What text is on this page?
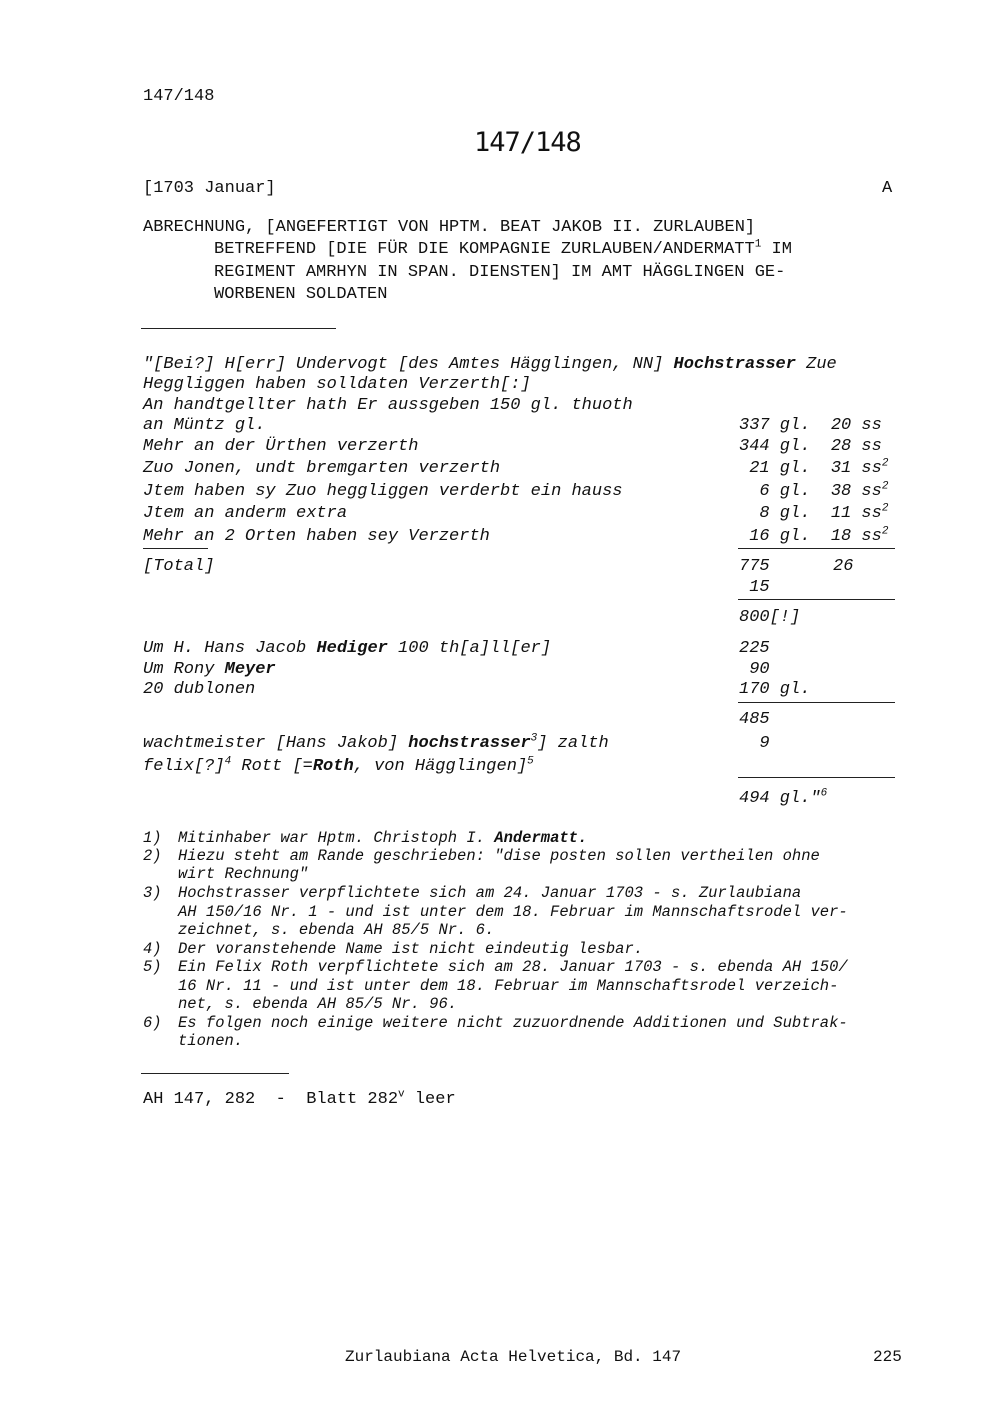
147/148
147/148
[1703 Januar]	A
ABRECHNUNG, [ANGEFERTIGT VON HPTM. BEAT JAKOB II. ZURLAUBEN]
BETREFFEND [DIE FÜR DIE KOMPAGNIE ZURLAUBEN/ANDERMATT$^1$ IM
REGIMENT AMRHYN IN SPAN. DIENSTEN] IM AMT HÄGGLINGEN GE-
WORBENEN SOLDATEN
"[Bei?] H[err] Undervogt [des Amtes Hägglingen, NN] Hochstrasser Zue
Heggliggen haben solldaten Verzerth[:]
An handtgellter hath Er aussgeben 150 gl. thuoth
an Müntz gl.	337 gl.  20 ss
Mehr an der Ürthen verzerth	344 gl.  28 ss
Zuo Jonen, undt bremgarten verzerth	21 gl.  31 $ss^2$
Jtem haben sy Zuo heggliggen verderbt ein hauss	6 gl.  38 $ss^2$
Jtem an anderm extra	8 gl.  11 $ss^2$
Mehr an 2 Orten haben sey Verzerth	16 gl.  18 $ss^2$
[Total]	775	26
15
800[!]
Um H. Hans Jacob Hediger 100 th[a]ll[er]	225
Um Rony Meyer	90
20 dublonen	170 gl.
485
wachtmeister [Hans Jakob] hochstrasser$^3$] zalth	9
felix[?]$^4$ Rott [=Roth, von Hägglingen]$^5$
494 gl."$^6$
1) Mitinhaber war Hptm. Christoph I. Andermatt.
2) Hiezu steht am Rande geschrieben: "dise posten sollen vertheilen ohne
wirt Rechnung"
3) Hochstrasser verpflichtete sich am 24. Januar 1703 - s. Zurlaubiana
AH 150/16 Nr. 1 - und ist unter dem 18. Februar im Mannschaftsrodel ver-
zeichnet, s. ebenda AH 85/5 Nr. 6.
4) Der voranstehende Name ist nicht eindeutig lesbar.
5) Ein Felix Roth verpflichtete sich am 28. Januar 1703 - s. ebenda AH 150/
16 Nr. 11 - und ist unter dem 18. Februar im Mannschaftsrodel verzeich-
net, s. ebenda AH 85/5 Nr. 96.
6) Es folgen noch einige weitere nicht zuzuordnende Additionen und Subtrak-
tionen.
AH 147, 282  -  Blatt 282$^v$ leer
Zurlaubiana Acta Helvetica, Bd. 147	225
